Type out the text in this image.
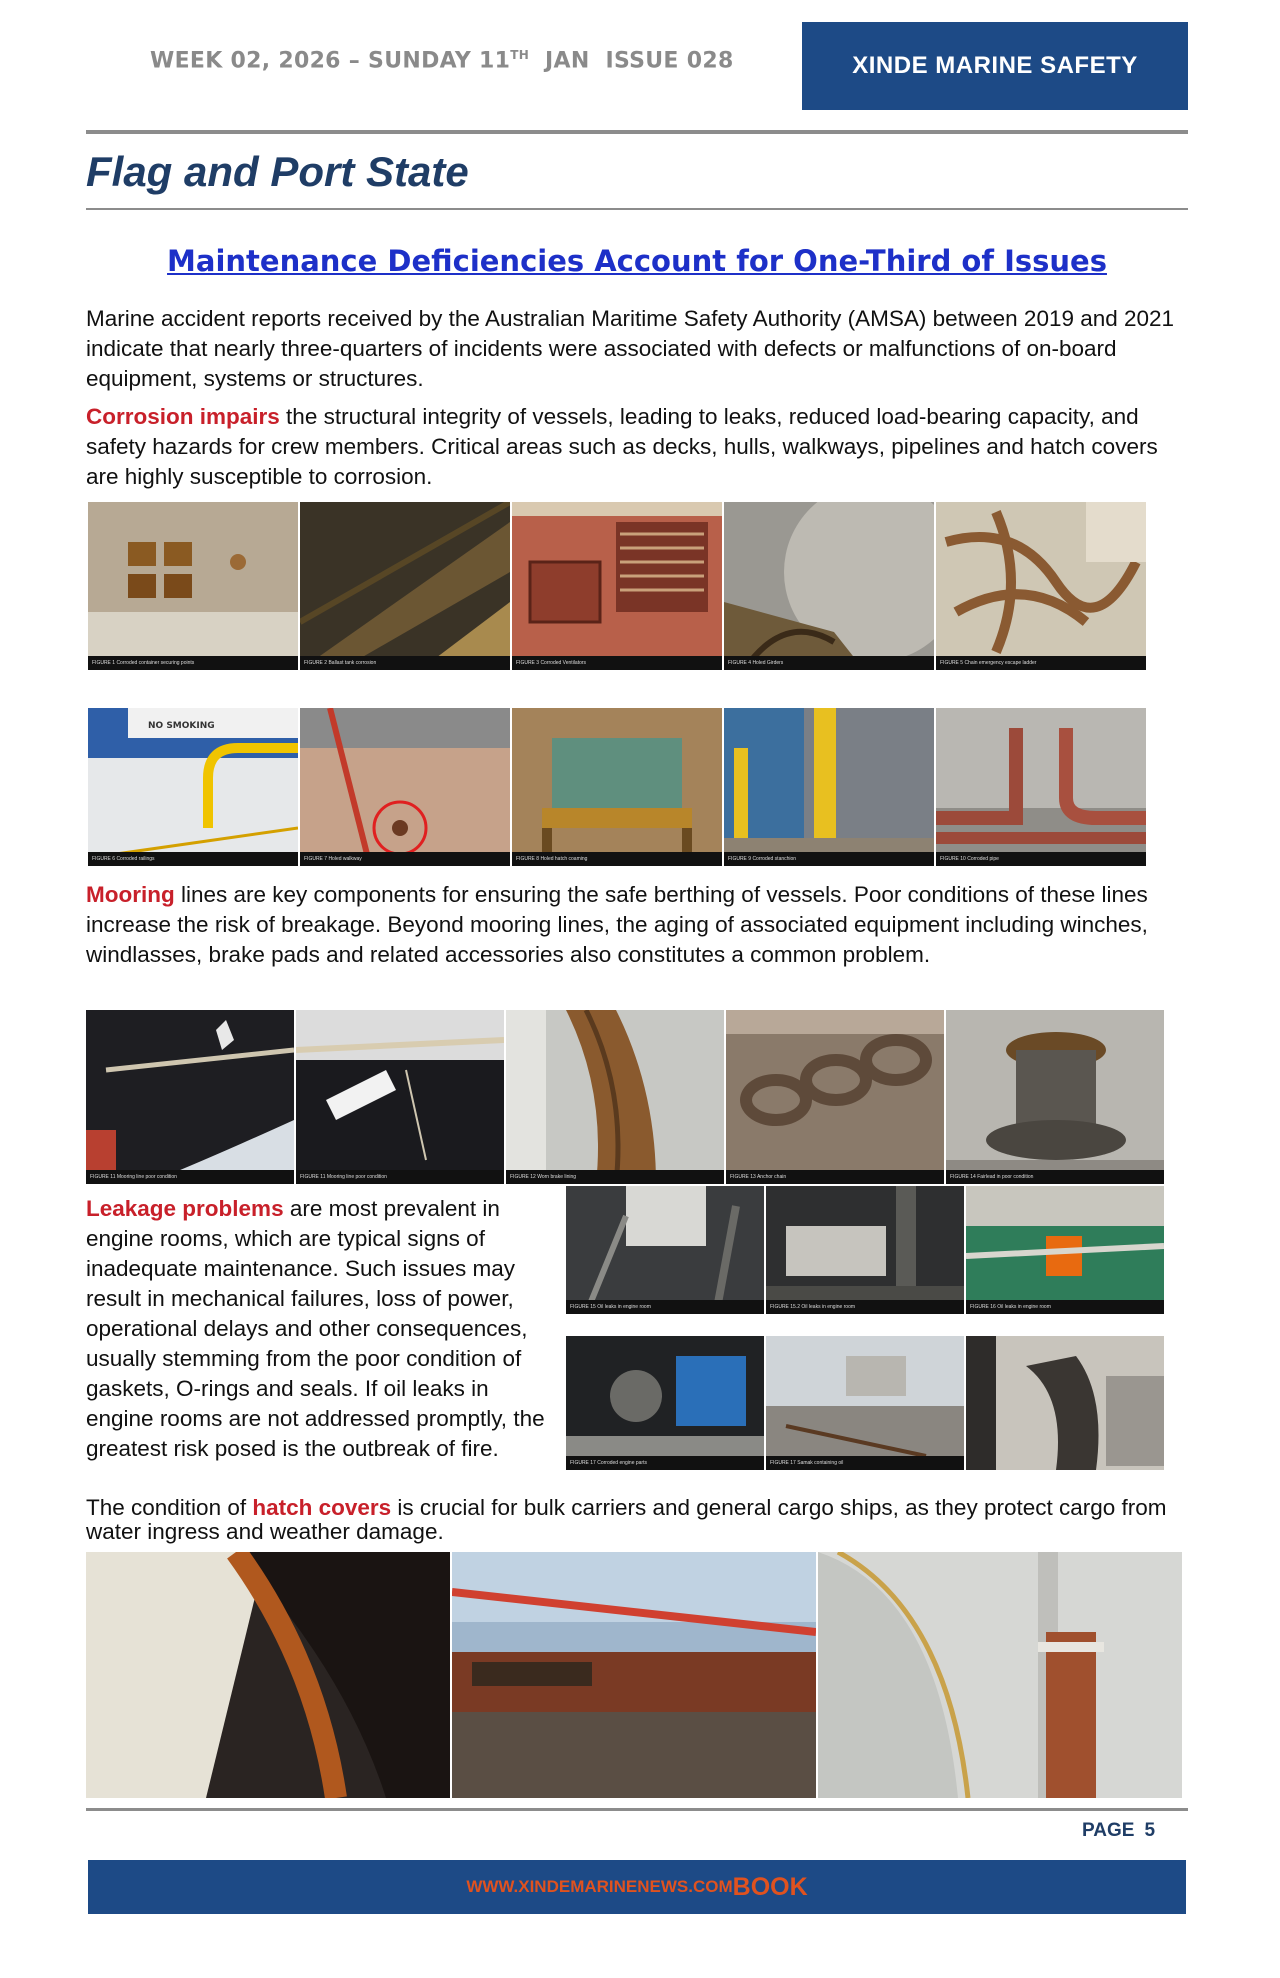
WEEK 02, 2026 – SUNDAY 11TH JAN ISSUE 028	XINDE MARINE SAFETY
Flag and Port State
Maintenance Deficiencies Account for One-Third of Issues
Marine accident reports received by the Australian Maritime Safety Authority (AMSA) between 2019 and 2021 indicate that nearly three-quarters of incidents were associated with defects or malfunctions of on-board equipment, systems or structures.
Corrosion impairs the structural integrity of vessels, leading to leaks, reduced load-bearing capacity, and safety hazards for crew members. Critical areas such as decks, hulls, walkways, pipelines and hatch covers are highly susceptible to corrosion.
FIGURE 1 Corroded container securing points	FIGURE 2 Ballast tank corrosion	FIGURE 3 Corroded Ventilators	FIGURE 4 Holed Girders	FIGURE 5 Chain emergency escape ladder
NO SMOKING
FIGURE 6 Corroded railings	FIGURE 7 Holed walkway	FIGURE 8 Holed hatch coaming	FIGURE 9 Corroded stanchion	FIGURE 10 Corroded pipe
Mooring lines are key components for ensuring the safe berthing of vessels. Poor conditions of these lines increase the risk of breakage. Beyond mooring lines, the aging of associated equipment including winches, windlasses, brake pads and related accessories also constitutes a common problem.
FIGURE 11 Mooring line poor condition	FIGURE 11 Mooring line poor condition	FIGURE 12 Worn brake lining	FIGURE 13 Anchor chain	FIGURE 14 Fairlead in poor condition
Leakage problems are most prevalent in engine rooms, which are typical signs of inadequate maintenance. Such issues may result in mechanical failures, loss of power, operational delays and other consequences, usually stemming from the poor condition of gaskets, O-rings and seals. If oil leaks in engine rooms are not addressed promptly, the greatest risk posed is the outbreak of fire.
FIGURE 15 Oil leaks in engine room	FIGURE 15.2 Oil leaks in engine room	FIGURE 16 Oil leaks in engine room
FIGURE 17 Corroded engine parts	FIGURE 17 Samak containing oil
The condition of hatch covers is crucial for bulk carriers and general cargo ships, as they protect cargo from water ingress and weather damage.
PAGE 5
WWW.XINDEMARINENEWS.COM BOOK
